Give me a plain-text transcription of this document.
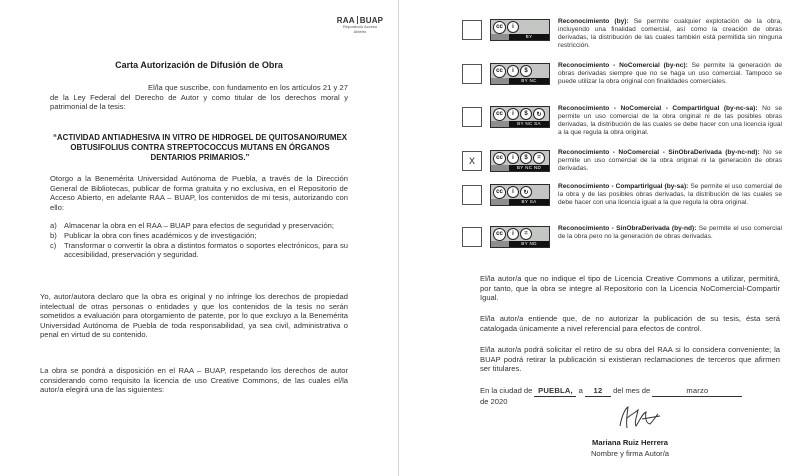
RAA BUAP
Repositorio Acceso
Abierto
Carta Autorización de Difusión de Obra

El/la que suscribe, con fundamento en los artículos 21 y 27 de la Ley Federal del Derecho de Autor y como titular de los derechos moral y patrimonial de la tesis:

“ACTIVIDAD ANTIADHESIVA IN VITRO DE HIDROGEL DE QUITOSANO/RUMEX OBTUSIFOLIUS CONTRA STREPTOCOCCUS MUTANS EN ÓRGANOS DENTARIOS PRIMARIOS.”

Otorgo a la Benemérita Universidad Autónoma de Puebla, a través de la Dirección General de Bibliotecas, publicar de forma gratuita y no exclusiva, en el Repositorio de Acceso Abierto, en adelante RAA – BUAP, los contenidos de mi tesis, autorizando con ello:

a) Almacenar la obra en el RAA – BUAP para efectos de seguridad y preservación;
b) Publicar la obra con fines académicos y de investigación;
c)	Transformar o convertir la obra a distintos formatos o soportes electrónicos, para su accesibilidad, preservación y seguridad.

Yo, autor/autora declaro que la obra es original y no infringe los derechos de propiedad intelectual de otras personas o entidades y que los contenidos de la tesis no serán sometidos a evaluación para otorgamiento de patente, por lo que excluyo a la Benemérita Universidad Autónoma de Puebla de toda responsabilidad, ya sea civil, administrativa o penal en virtud de su contenido.

La obra se pondrá a disposición en el RAA – BUAP, respetando los derechos de autor considerando como requisito la licencia de uso Creative Commons, de las cuales el/la autor/a elegirá una de las siguientes:

cc	i
BY
Reconocimiento (by): Se permite cualquier explotación de la obra, incluyendo una finalidad comercial, así como la creación de obras derivadas, la distribución de las cuales también está permitida sin ninguna restricción.
cc	i	$
BY NC
Reconocimiento - NoComercial (by-nc): Se permite la generación de obras derivadas siempre que no se haga un uso comercial. Tampoco se puede utilizar la obra original con finalidades comerciales.
cc	i	$	↻
BY NC SA
Reconocimiento - NoComercial - CompartirIgual (by-nc-sa): No se permite un uso comercial de la obra original ni de las posibles obras derivadas, la distribución de las cuales se debe hacer con una licencia igual a la que regula la obra original.
X	cc	i	$	=
BY NC ND
Reconocimiento - NoComercial - SinObraDerivada (by-nc-nd): No se permite un uso comercial de la obra original ni la generación de obras derivadas.
cc	i	↻
BY SA
Reconocimiento - CompartirIgual (by-sa): Se permite el uso comercial de la obra y de las posibles obras derivadas, la distribución de las cuales se debe hacer con una licencia igual a la que regula la obra original.
cc	i	=
BY ND
Reconocimiento - SinObraDerivada (by-nd): Se permite el uso comercial de la obra pero no la generación de obras derivadas.

El/la autor/a que no indique el tipo de Licencia Creative Commons a utilizar, permitirá, por tanto, que la obra se integre al Repositorio con la Licencia NoComercial-Compartir Igual.

El/la autor/a entiende que, de no autorizar la publicación de su tesis, ésta será catalogada únicamente a nivel referencial para efectos de control.

El/la autor/a podrá solicitar el retiro de su obra del RAA si lo considera conveniente; la BUAP podrá retirar la publicación si existieran reclamaciones de terceros que afirmen ser titulares.

En la ciudad de PUEBLA, a 12 del mes de	marzo
de 2020

Mariana Ruiz Herrera

Nombre y firma Autor/a
